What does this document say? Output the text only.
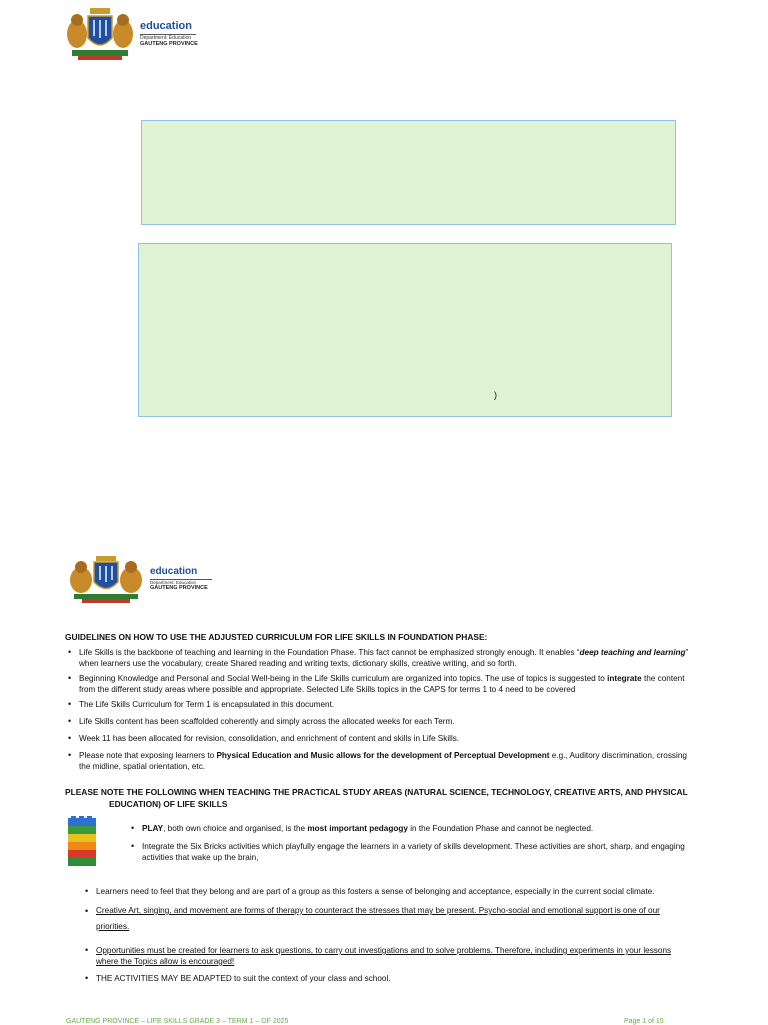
education
Department: Education
GAUTENG PROVINCE
)
education
Department: Education
GAUTENG PROVINCE
GUIDELINES ON HOW TO USE THE ADJUSTED CURRICULUM FOR LIFE SKILLS IN FOUNDATION PHASE:
• Life Skills is the backbone of teaching and learning in the Foundation Phase. This fact cannot be emphasized strongly enough. It enables “deep teaching and learning” when learners use the vocabulary, create Shared reading and writing texts, dictionary skills, creative writing, and so forth.
• Beginning Knowledge and Personal and Social Well-being in the Life Skills curriculum are organized into topics. The use of topics is suggested to integrate the content from the different study areas where possible and appropriate. Selected Life Skills topics in the CAPS for terms 1 to 4 need to be covered
• The Life Skills Curriculum for Term 1 is encapsulated in this document.
• Life Skills content has been scaffolded coherently and simply across the allocated weeks for each Term.
• Week 11 has been allocated for revision, consolidation, and enrichment of content and skills in Life Skills.
• Please note that exposing learners to Physical Education and Music allows for the development of Perceptual Development e.g., Auditory discrimination, crossing the midline, spatial orientation, etc.
PLEASE NOTE THE FOLLOWING WHEN TEACHING THE PRACTICAL STUDY AREAS (NATURAL SCIENCE, TECHNOLOGY, CREATIVE ARTS, AND PHYSICAL
EDUCATION) OF LIFE SKILLS
• PLAY, both own choice and organised, is the most important pedagogy in the Foundation Phase and cannot be neglected.
• Integrate the Six Bricks activities which playfully engage the learners in a variety of skills development. These activities are short, sharp, and engaging activities that wake up the brain,
• Learners need to feel that they belong and are part of a group as this fosters a sense of belonging and acceptance, especially in the current social climate.
• Creative Art, singing, and movement are forms of therapy to counteract the stresses that may be present. Psycho-social and emotional support is one of our priorities.
• Opportunities must be created for learners to ask questions, to carry out investigations and to solve problems. Therefore, including experiments in your lessons where the Topics allow is encouraged!
• THE ACTIVITIES MAY BE ADAPTED to suit the context of your class and school.
GAUTENG PROVINCE – LIFE SKILLS GRADE 3 – TERM 1 – OF 2025	Page 1 of 15
